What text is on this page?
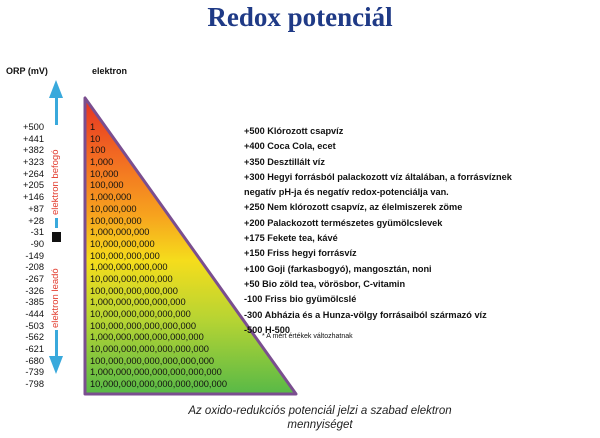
Redox potenciál
ORP (mV)	elektron
elektron befogó
elektron leadó
+500
+441
+382
+323
+264
+205
+146
+87
+28
-31
-90
-149
-208
-267
-326
-385
-444
-503
-562
-621
-680
-739
-798
1
10
100
1,000
10,000
100,000
1,000,000
10,000,000
100,000,000
1,000,000,000
10,000,000,000
100,000,000,000
1,000,000,000,000
10,000,000,000,000
100,000,000,000,000
1,000,000,000,000,000
10,000,000,000,000,000
100,000,000,000,000,000
1,000,000,000,000,000,000
10,000,000,000,000,000,000
100,000,000,000,000,000,000
1,000,000,000,000,000,000,000
10,000,000,000,000,000,000,000
+500 Klórozott csapvíz
+400 Coca Cola, ecet
+350 Desztillált víz
+300 Hegyi forrásból palackozott víz általában, a forrásvíznek
negatív pH-ja és negatív redox-potenciálja van.
+250 Nem klórozott csapvíz, az élelmiszerek zöme
+200 Palackozott természetes gyümölcslevek
+175 Fekete tea, kávé
+150 Friss hegyi forrásvíz
+100 Goji (farkasbogyó), mangosztán, noni
+50 Bio zöld tea, vörösbor, C-vitamin
-100 Friss bio gyümölcslé
-300 Abházia és a Hunza-völgy forrásaiból származó víz
-500 H-500
* A mért értékek változhatnak
Az oxido-redukciós potenciál jelzi a szabad elektron
mennyiséget
